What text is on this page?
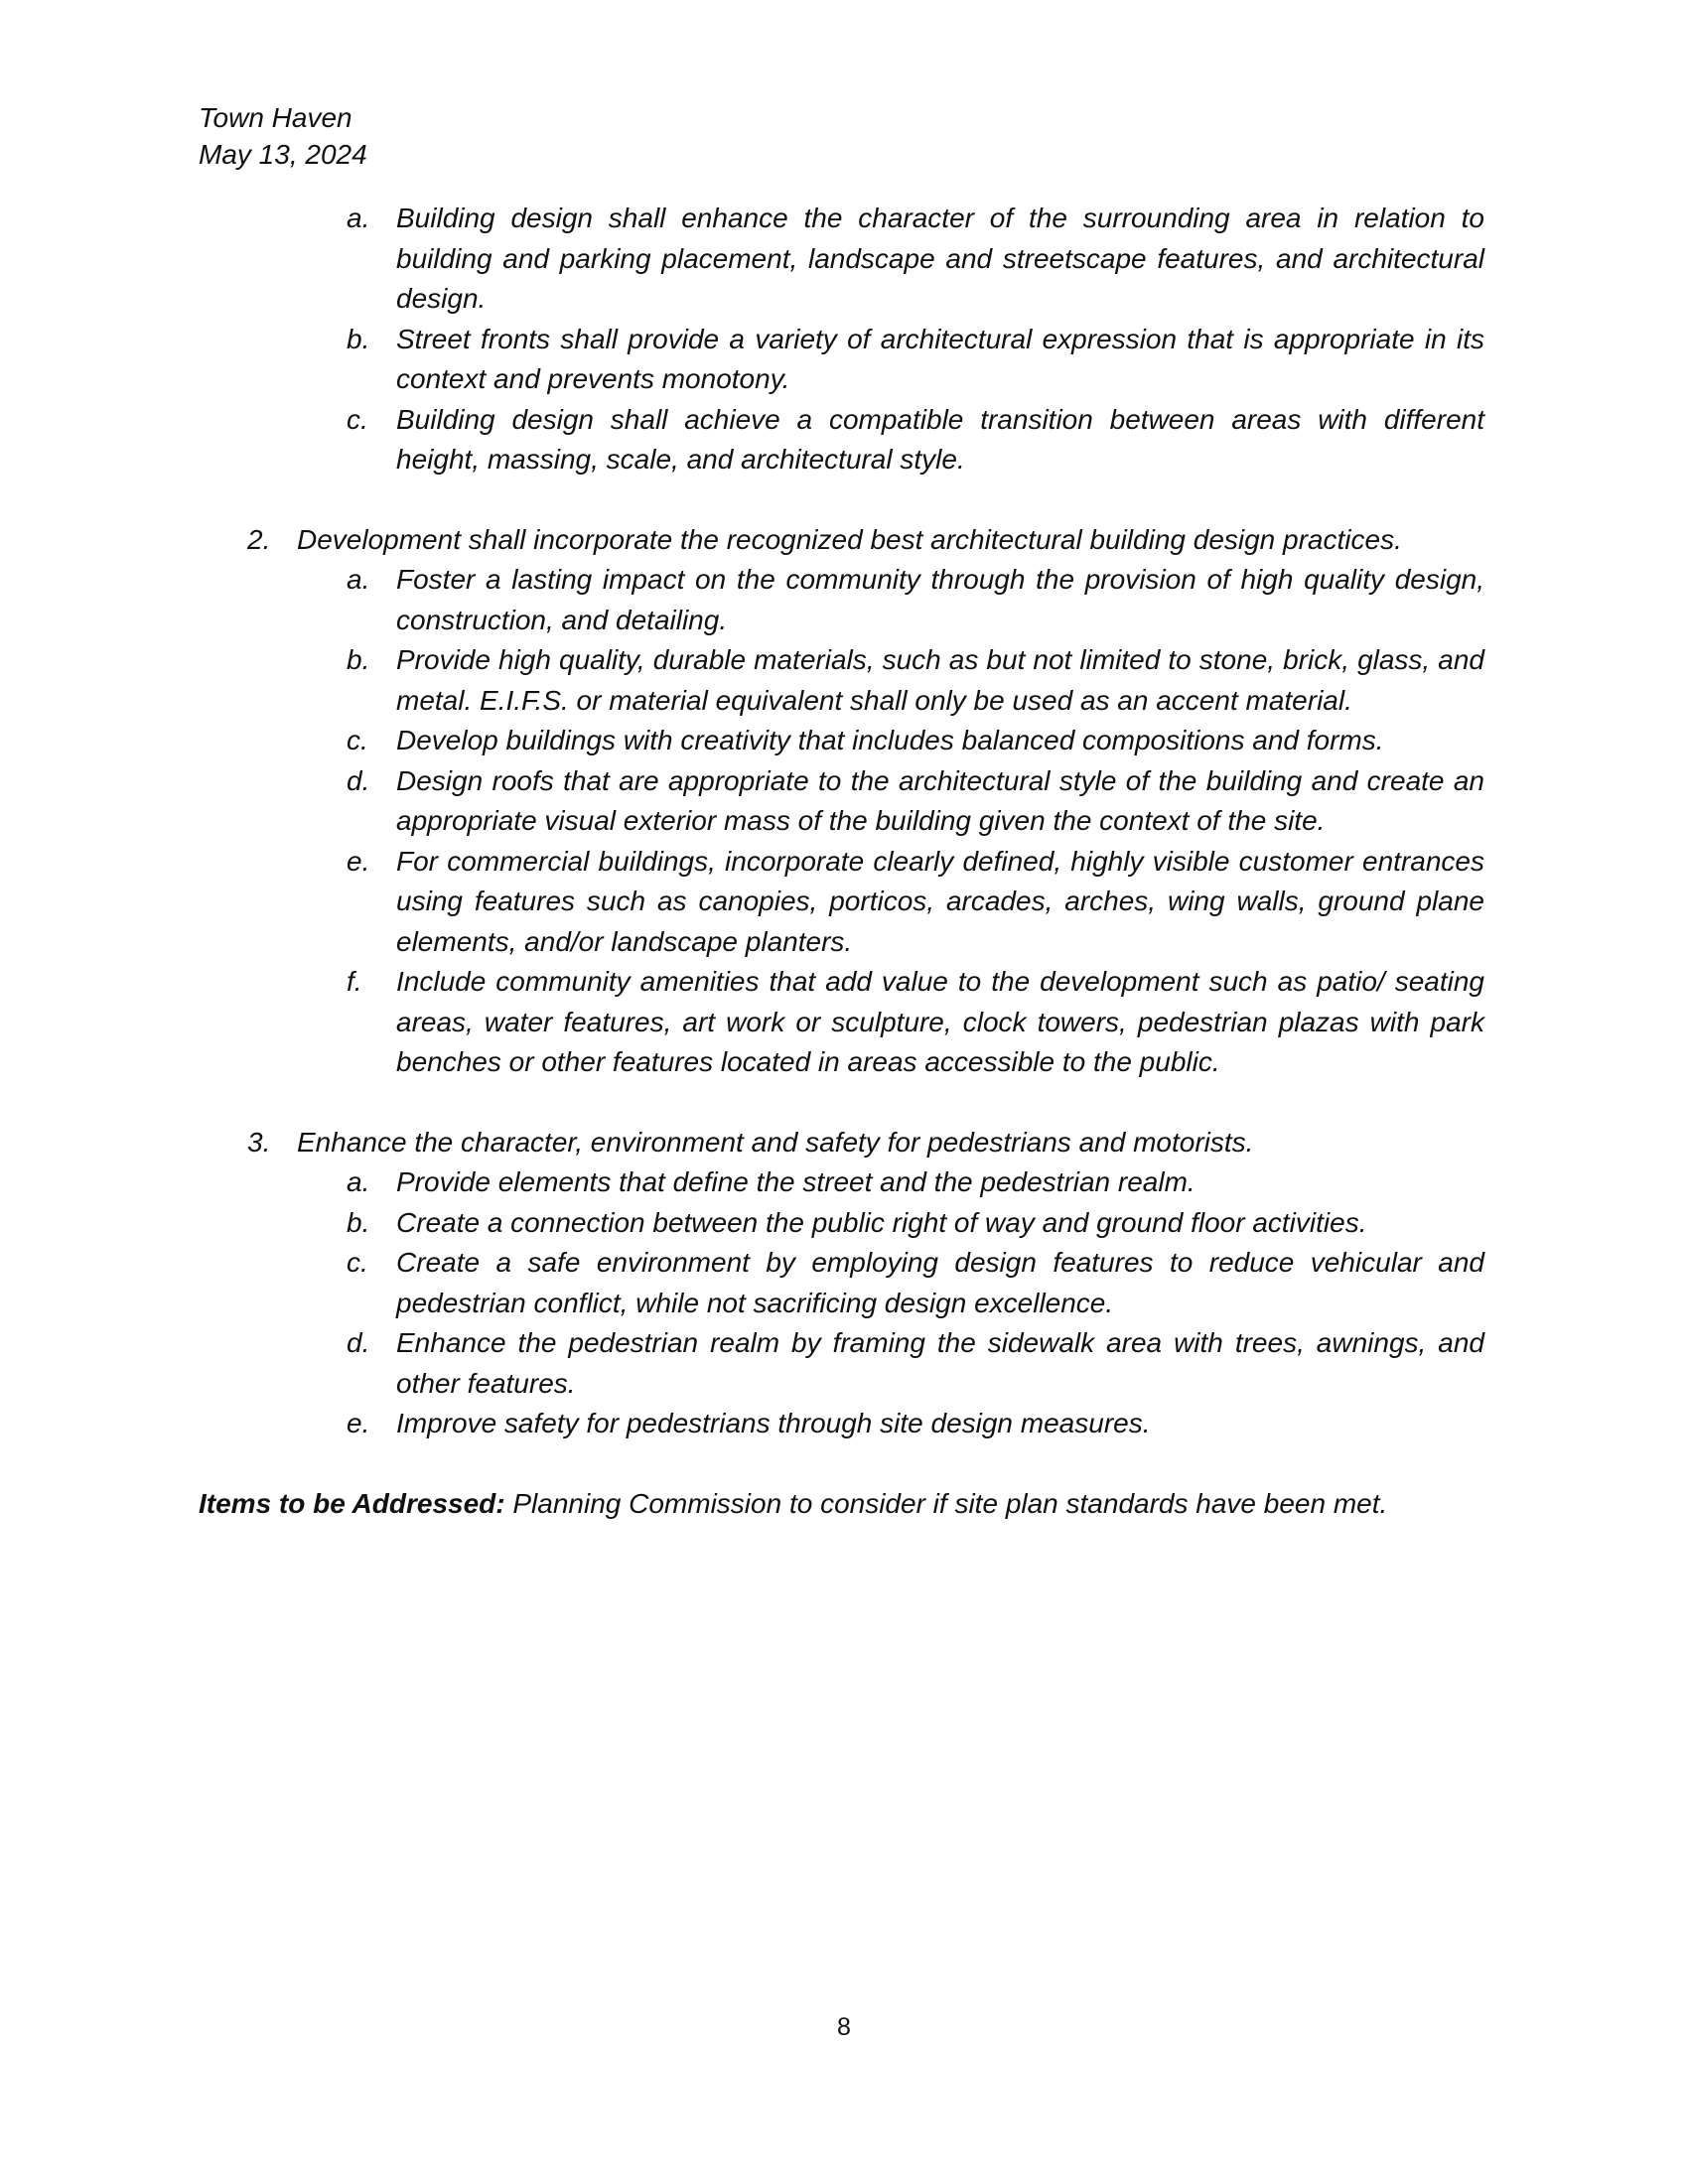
Town Haven
May 13, 2024
a. Building design shall enhance the character of the surrounding area in relation to building and parking placement, landscape and streetscape features, and architectural design.
b. Street fronts shall provide a variety of architectural expression that is appropriate in its context and prevents monotony.
c. Building design shall achieve a compatible transition between areas with different height, massing, scale, and architectural style.
2. Development shall incorporate the recognized best architectural building design practices.
a. Foster a lasting impact on the community through the provision of high quality design, construction, and detailing.
b. Provide high quality, durable materials, such as but not limited to stone, brick, glass, and metal. E.I.F.S. or material equivalent shall only be used as an accent material.
c. Develop buildings with creativity that includes balanced compositions and forms.
d. Design roofs that are appropriate to the architectural style of the building and create an appropriate visual exterior mass of the building given the context of the site.
e. For commercial buildings, incorporate clearly defined, highly visible customer entrances using features such as canopies, porticos, arcades, arches, wing walls, ground plane elements, and/or landscape planters.
f. Include community amenities that add value to the development such as patio/ seating areas, water features, art work or sculpture, clock towers, pedestrian plazas with park benches or other features located in areas accessible to the public.
3. Enhance the character, environment and safety for pedestrians and motorists.
a. Provide elements that define the street and the pedestrian realm.
b. Create a connection between the public right of way and ground floor activities.
c. Create a safe environment by employing design features to reduce vehicular and pedestrian conflict, while not sacrificing design excellence.
d. Enhance the pedestrian realm by framing the sidewalk area with trees, awnings, and other features.
e. Improve safety for pedestrians through site design measures.
Items to be Addressed: Planning Commission to consider if site plan standards have been met.
8
